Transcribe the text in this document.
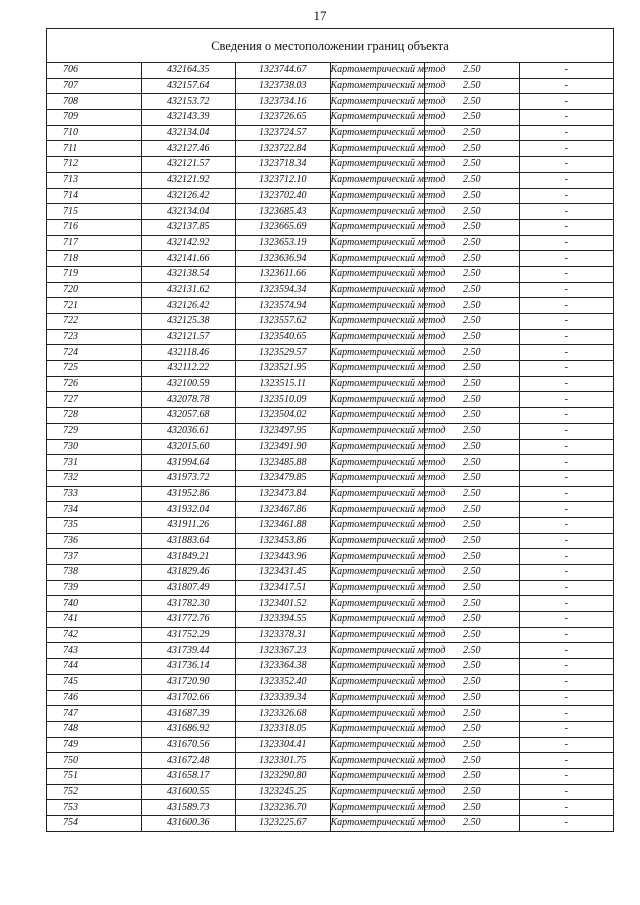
17
Сведения о местоположении границ объекта					
706	432164.35	1323744.67	Картометрический метод	2.50	-
707	432157.64	1323738.03	Картометрический метод	2.50	-
708	432153.72	1323734.16	Картометрический метод	2.50	-
709	432143.39	1323726.65	Картометрический метод	2.50	-
710	432134.04	1323724.57	Картометрический метод	2.50	-
711	432127.46	1323722.84	Картометрический метод	2.50	-
712	432121.57	1323718.34	Картометрический метод	2.50	-
713	432121.92	1323712.10	Картометрический метод	2.50	-
714	432126.42	1323702.40	Картометрический метод	2.50	-
715	432134.04	1323685.43	Картометрический метод	2.50	-
716	432137.85	1323665.69	Картометрический метод	2.50	-
717	432142.92	1323653.19	Картометрический метод	2.50	-
718	432141.66	1323636.94	Картометрический метод	2.50	-
719	432138.54	1323611.66	Картометрический метод	2.50	-
720	432131.62	1323594.34	Картометрический метод	2.50	-
721	432126.42	1323574.94	Картометрический метод	2.50	-
722	432125.38	1323557.62	Картометрический метод	2.50	-
723	432121.57	1323540.65	Картометрический метод	2.50	-
724	432118.46	1323529.57	Картометрический метод	2.50	-
725	432112.22	1323521.95	Картометрический метод	2.50	-
726	432100.59	1323515.11	Картометрический метод	2.50	-
727	432078.78	1323510.09	Картометрический метод	2.50	-
728	432057.68	1323504.02	Картометрический метод	2.50	-
729	432036.61	1323497.95	Картометрический метод	2.50	-
730	432015.60	1323491.90	Картометрический метод	2.50	-
731	431994.64	1323485.88	Картометрический метод	2.50	-
732	431973.72	1323479.85	Картометрический метод	2.50	-
733	431952.86	1323473.84	Картометрический метод	2.50	-
734	431932.04	1323467.86	Картометрический метод	2.50	-
735	431911.26	1323461.88	Картометрический метод	2.50	-
736	431883.64	1323453.86	Картометрический метод	2.50	-
737	431849.21	1323443.96	Картометрический метод	2.50	-
738	431829.46	1323431.45	Картометрический метод	2.50	-
739	431807.49	1323417.51	Картометрический метод	2.50	-
740	431782.30	1323401.52	Картометрический метод	2.50	-
741	431772.76	1323394.55	Картометрический метод	2.50	-
742	431752.29	1323378.31	Картометрический метод	2.50	-
743	431739.44	1323367.23	Картометрический метод	2.50	-
744	431736.14	1323364.38	Картометрический метод	2.50	-
745	431720.90	1323352.40	Картометрический метод	2.50	-
746	431702.66	1323339.34	Картометрический метод	2.50	-
747	431687.39	1323326.68	Картометрический метод	2.50	-
748	431686.92	1323318.05	Картометрический метод	2.50	-
749	431670.56	1323304.41	Картометрический метод	2.50	-
750	431672.48	1323301.75	Картометрический метод	2.50	-
751	431658.17	1323290.80	Картометрический метод	2.50	-
752	431600.55	1323245.25	Картометрический метод	2.50	-
753	431589.73	1323236.70	Картометрический метод	2.50	-
754	431600.36	1323225.67	Картометрический метод	2.50	-
